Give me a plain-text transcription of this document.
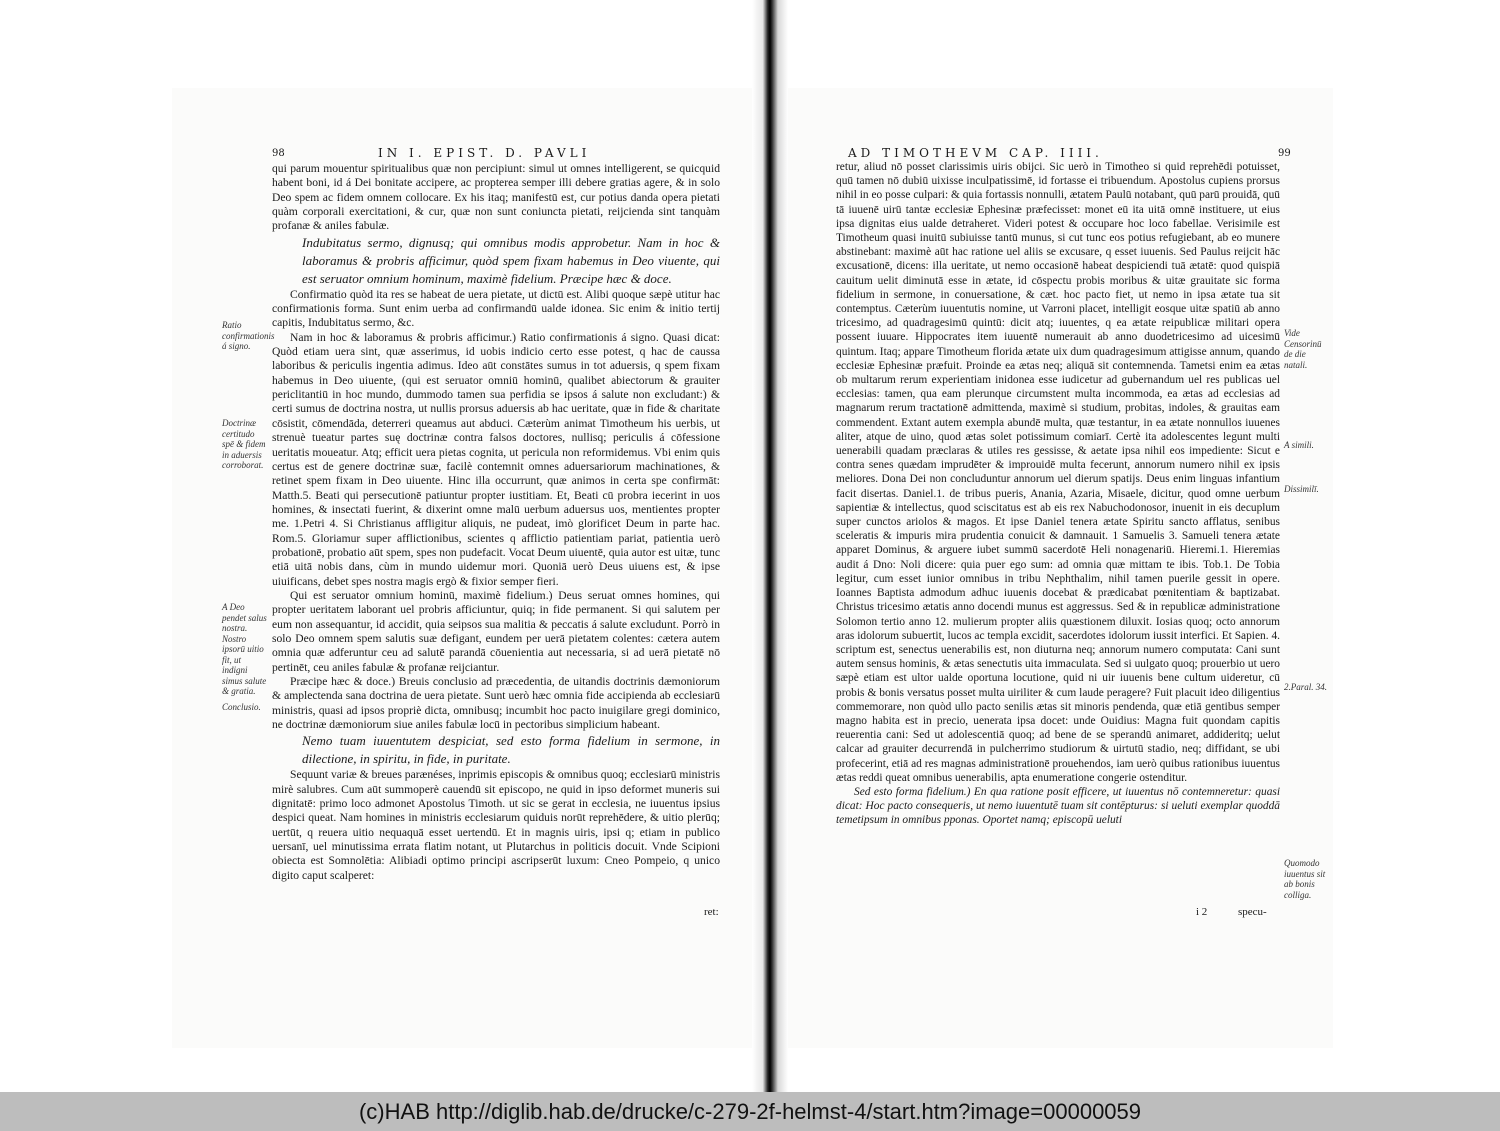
98	IN I. EPIST. D. PAVLI

qui parum mouentur spiritualibus quæ non percipiunt: simul ut omnes intelligerent, se quicquid habent boni, id á Dei bonitate accipere, ac propterea semper illi debere gratias agere, & in solo Deo spem ac fidem omnem collocare. Ex his itaq; manifestū est, cur potius danda opera pietati quàm corporali exercitationi, & cur, quæ non sunt coniuncta pietati, reijcienda sint tanquàm profanæ & aniles fabulæ.

Indubitatus sermo, dignusq; qui omnibus modis approbetur. Nam in hoc & laboramus & probris afficimur, quòd spem fixam habemus in Deo viuente, qui est seruator omnium hominum, maximè fidelium. Præcipe hæc & doce.

Confirmatio quòd ita res se habeat de uera pietate, ut dictū est. Alibi quoque sæpè utitur hac confirmationis forma. Sunt enim uerba ad confirmandū ualde idonea. Sic enim & initio tertij capitis, Indubitatus sermo, &c.

Nam in hoc & laboramus & probris afficimur.) Ratio confirmationis á signo. Quasi dicat: Quòd etiam uera sint, quæ asserimus, id uobis indicio certo esse potest, q hac de caussa laboribus & periculis ingentia adimus. Ideo aūt constātes sumus in tot aduersis, q spem fixam habemus in Deo uiuente, (qui est seruator omniū hominū, qualibet abiectorum & grauiter periclitantiū in hoc mundo, dummodo tamen sua perfidia se ipsos á salute non excludant:) & certi sumus de doctrina nostra, ut nullis prorsus aduersis ab hac ueritate, quæ in fide & charitate cōsistit, cōmendāda, deterreri queamus aut abduci. Cæterùm animat Timotheum his uerbis, ut strenuè tueatur partes suę doctrinæ contra falsos doctores, nullisq; periculis á cōfessione ueritatis moueatur. Atq; efficit uera pietas cognita, ut pericula non reformidemus. Vbi enim quis certus est de genere doctrinæ suæ, facilè contemnit omnes aduersariorum machinationes, & retinet spem fixam in Deo uiuente. Hinc illa occurrunt, quæ animos in certa spe confirmāt: Matth.5. Beati qui persecutionē patiuntur propter iustitiam. Et, Beati cū probra iecerint in uos homines, & insectati fuerint, & dixerint omne malū uerbum aduersus uos, mentientes propter me. 1.Petri 4. Si Christianus affligitur aliquis, ne pudeat, imò glorificet Deum in parte hac. Rom.5. Gloriamur super afflictionibus, scientes q afflictio patientiam pariat, patientia uerò probationē, probatio aūt spem, spes non pudefacit. Vocat Deum uiuentē, quia autor est uitæ, tunc etiā uitā nobis dans, cùm in mundo uidemur mori. Quoniā uerò Deus uiuens est, & ipse uiuificans, debet spes nostra magis ergò & fixior semper fieri.

Qui est seruator omnium hominū, maximè fidelium.) Deus seruat omnes homines, qui propter ueritatem laborant uel probris afficiuntur, quiq; in fide permanent. Si qui salutem per eum non assequantur, id accidit, quia seipsos sua malitia & peccatis á salute excludunt. Porrò in solo Deo omnem spem salutis suæ defigant, eundem per uerā pietatem colentes: cætera autem omnia quæ adferuntur ceu ad salutē parandā cōuenientia aut necessaria, si ad uerā pietatē nō pertinēt, ceu aniles fabulæ & profanæ reijciantur.

Præcipe hæc & doce.) Breuis conclusio ad præcedentia, de uitandis doctrinis dæmoniorum & amplectenda sana doctrina de uera pietate. Sunt uerò hæc omnia fide accipienda ab ecclesiarū ministris, quasi ad ipsos propriè dicta, omnibusq; incumbit hoc pacto inuigilare gregi dominico, ne doctrinæ dæmoniorum siue aniles fabulæ locū in pectoribus simplicium habeant.

Nemo tuam iuuentutem despiciat, sed esto forma fidelium in sermone, in dilectione, in spiritu, in fide, in puritate.

Sequunt variæ & breues parænéses, inprimis episcopis & omnibus quoq; ecclesiarū ministris mirè salubres. Cum aūt summoperè cauendū sit episcopo, ne quid in ipso deformet muneris sui dignitatē: primo loco admonet Apostolus Timoth. ut sic se gerat in ecclesia, ne iuuentus ipsius despici queat. Nam homines in ministris ecclesiarum quiduis norūt reprehēdere, & uitio plerūq; uertūt, q reuera uitio nequaquā esset uertendū. Et in magnis uiris, ipsi q; etiam in publico uersanī, uel minutissima errata flatim notant, ut Plutarchus in politicis docuit. Vnde Scipioni obiecta est Somnolētia: Alibiadi optimo principi ascripserūt luxum: Cneo Pompeio, q unico digito caput scalperet:

Ratio confirmationis á signo.
Doctrinæ certitudo spē & fidem in aduersis corroborat.
A Deo pendet salus nostra. Nostro ipsorū uitio fit, ut indigni simus salute & gratia.
Conclusio.
ret:
AD TIMOTHEVM CAP. IIII.	99

retur, aliud nō posset clarissimis uiris obijci. Sic uerò in Timotheo si quid reprehēdi potuisset, quū tamen nō dubiū uixisse inculpatissimē, id fortasse ei tribuendum. Apostolus cupiens prorsus nihil in eo posse culpari: & quia fortassis nonnulli, ætatem Paulū notabant, quū parū prouidā, quū tā iuuenē uirū tantæ ecclesiæ Ephesinæ præfecisset: monet eū ita uitā omnē instituere, ut eius ipsa dignitas eius ualde detraheret. Videri potest & occupare hoc loco fabellae. Verisimile est Timotheum quasi inuitū subiuisse tantū munus, si cut tunc eos potius refugiebant, ab eo munere abstinebant: maximè aūt hac ratione uel aliis se excusare, q esset iuuenis. Sed Paulus reijcit hāc excusationē, dicens: illa ueritate, ut nemo occasionē habeat despiciendi tuā ætatē: quod quispiā cauitum uelit diminutā esse in ætate, id cōspectu probis moribus & uitæ grauitate sic forma fidelium in sermone, in conuersatione, & cæt. hoc pacto fiet, ut nemo in ipsa ætate tua sit contemptus. Cæterùm iuuentutis nomine, ut Varroni placet, intelligit eosque uitæ spatiū ab anno tricesimo, ad quadragesimū quintū: dicit atq; iuuentes, q ea ætate reipublicæ militari opera possent iuuare. Hippocrates item iuuentē numerauit ab anno duodetricesimo ad uicesimū quintum. Itaq; appare Timotheum florida ætate uix dum quadragesimum attigisse annum, quando ecclesiæ Ephesinæ præfuit. Proinde ea ætas neq; aliquā sit contemnenda. Tametsi enim ea ætas ob multarum rerum experientiam inidonea esse iudicetur ad gubernandum uel res publicas uel ecclesias: tamen, qua eam plerunque circumstent multa incommoda, ea ætas ad ecclesias ad magnarum rerum tractationē admittenda, maximè si studium, probitas, indoles, & grauitas eam commendent. Extant autem exempla abundē multa, quæ testantur, in ea ætate nonnullos iuuenes aliter, atque de uino, quod ætas solet potissimum comiarī. Certè ita adolescentes legunt multi uenerabili quadam præclaras & utiles res gessisse, & aetate ipsa nihil eos impediente: Sicut e contra senes quædam imprudēter & improuidē multa fecerunt, annorum numero nihil ex ipsis meliores. Dona Dei non concluduntur annorum uel dierum spatijs. Deus enim linguas infantium facit disertas. Daniel.1. de tribus pueris, Anania, Azaria, Misaele, dicitur, quod omne uerbum sapientiæ & intellectus, quod sciscitatus est ab eis rex Nabuchodonosor, inuenit in eis decuplum super cunctos ariolos & magos. Et ipse Daniel tenera ætate Spiritu sancto afflatus, senibus sceleratis & impuris mira prudentia conuicit & damnauit. 1 Samuelis 3. Samueli tenera ætate apparet Dominus, & arguere iubet summū sacerdotē Heli nonagenariū. Hieremi.1. Hieremias audit á Dno: Noli dicere: quia puer ego sum: ad omnia quæ mittam te ibis. Tob.1. De Tobia legitur, cum esset iunior omnibus in tribu Nephthalim, nihil tamen puerile gessit in opere. Ioannes Baptista admodum adhuc iuuenis docebat & prædicabat pœnitentiam & baptizabat. Christus tricesimo ætatis anno docendi munus est aggressus. Sed & in republicæ administratione Solomon tertio anno 12. mulierum propter aliis quæstionem diluxit. Iosias quoq; octo annorum aras idolorum subuertit, lucos ac templa excidit, sacerdotes idolorum iussit interfici. Et Sapien. 4. scriptum est, senectus uenerabilis est, non diuturna neq; annorum numero computata: Cani sunt autem sensus hominis, & ætas senectutis uita immaculata. Sed si uulgato quoq; prouerbio ut uero sæpè etiam est ultor ualde oportuna locutione, quid ni uir iuuenis bene cultum uideretur, cū probis & bonis versatus posset multa uiriliter & cum laude peragere? Fuit placuit ideo diligentius commemorare, non quòd ullo pacto senilis ætas sit minoris pendenda, quæ etiā gentibus semper magno habita est in precio, uenerata ipsa docet: unde Ouidius: Magna fuit quondam capitis reuerentia cani: Sed ut adolescentiā quoq; ad bene de se sperandū animaret, addideritq; uelut calcar ad grauiter decurrendā in pulcherrimo studiorum & uirtutū stadio, neq; diffidant, se ubi profecerint, etiā ad res magnas administrationē prouehendos, iam uerò quibus rationibus iuuentus ætas reddi queat omnibus uenerabilis, apta enumeratione congerie ostenditur.

Sed esto forma fidelium.) En qua ratione posit efficere, ut iuuentus nō contemneretur: quasi dicat: Hoc pacto consequeris, ut nemo iuuentutē tuam sit contēpturus: si ueluti exemplar quoddā temetipsum in omnibus pponas. Oportet namq; episcopū ueluti

Vide Censorinū de die natali.
A simili.
Dissimilī.
2.Paral. 34.
Quomodo iuuentus sit ab bonis colliga.
i 2	specu-
(c)HAB http://diglib.hab.de/drucke/c-279-2f-helmst-4/start.htm?image=00000059
